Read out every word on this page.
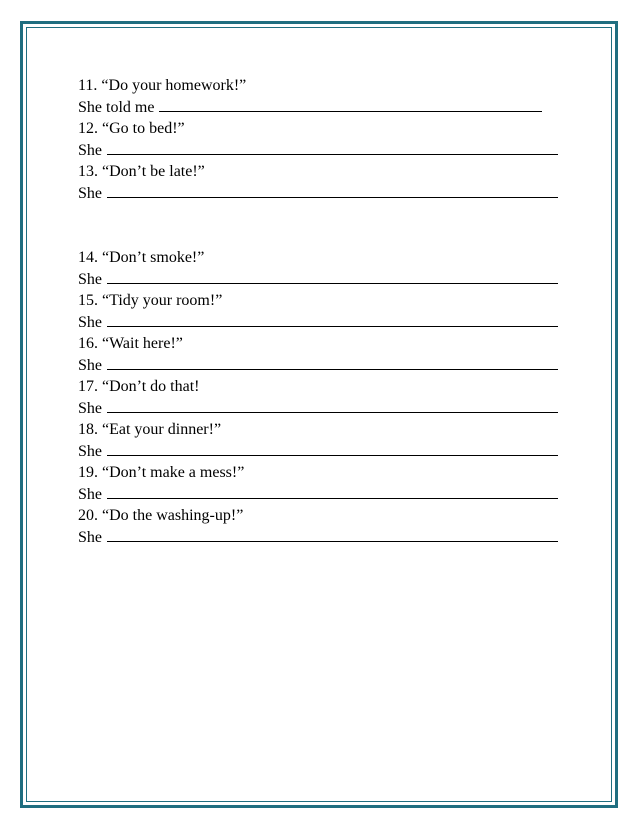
11. “Do your homework!”
She told me
12. “Go to bed!”
She
13. “Don’t be late!”
She
14. “Don’t smoke!”
She
15. “Tidy your room!”
She
16. “Wait here!”
She
17. “Don’t do that!
She
18. “Eat your dinner!”
She
19. “Don’t make a mess!”
She
20. “Do the washing-up!”
She
